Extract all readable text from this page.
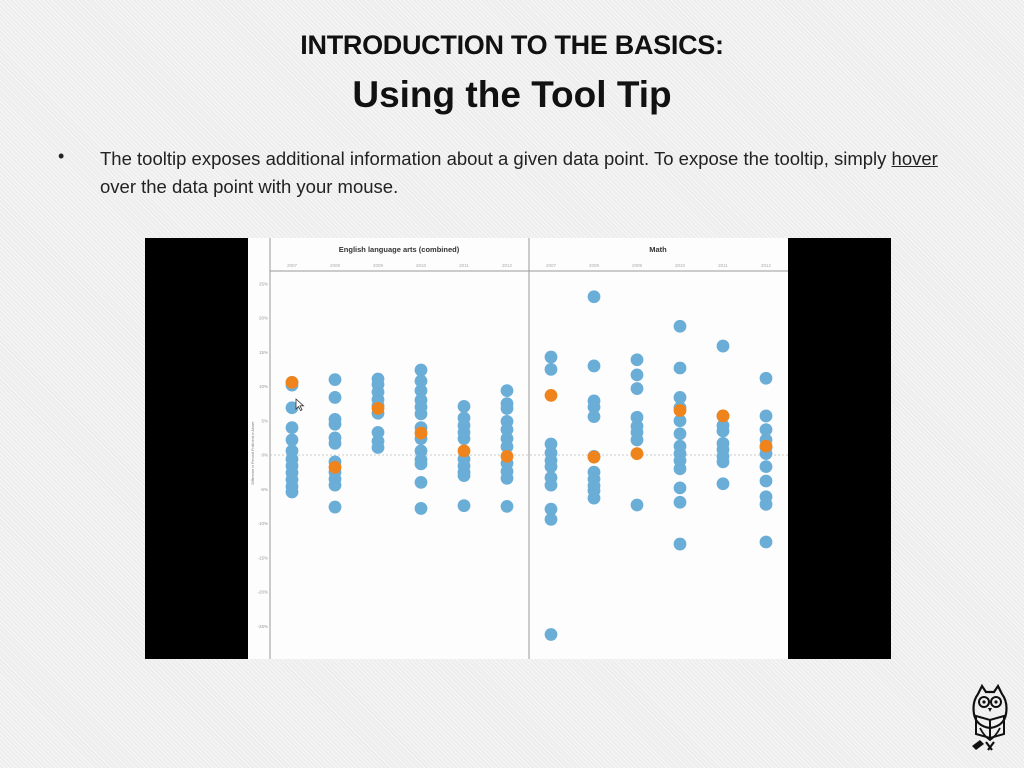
INTRODUCTION TO THE BASICS:
Using the Tool Tip
• The tooltip exposes additional information about a given data point. To expose the tooltip, simply hover over the data point with your mouse.
English language arts (combined)	Math
Difference in Percent Proficient or Above
25%
20%
15%
10%
5%
0%
-5%
-10%
-15%
-20%
-25%
2007	2008	2009	2010	2011	2012	2007	2008	2009	2010	2011	2012
